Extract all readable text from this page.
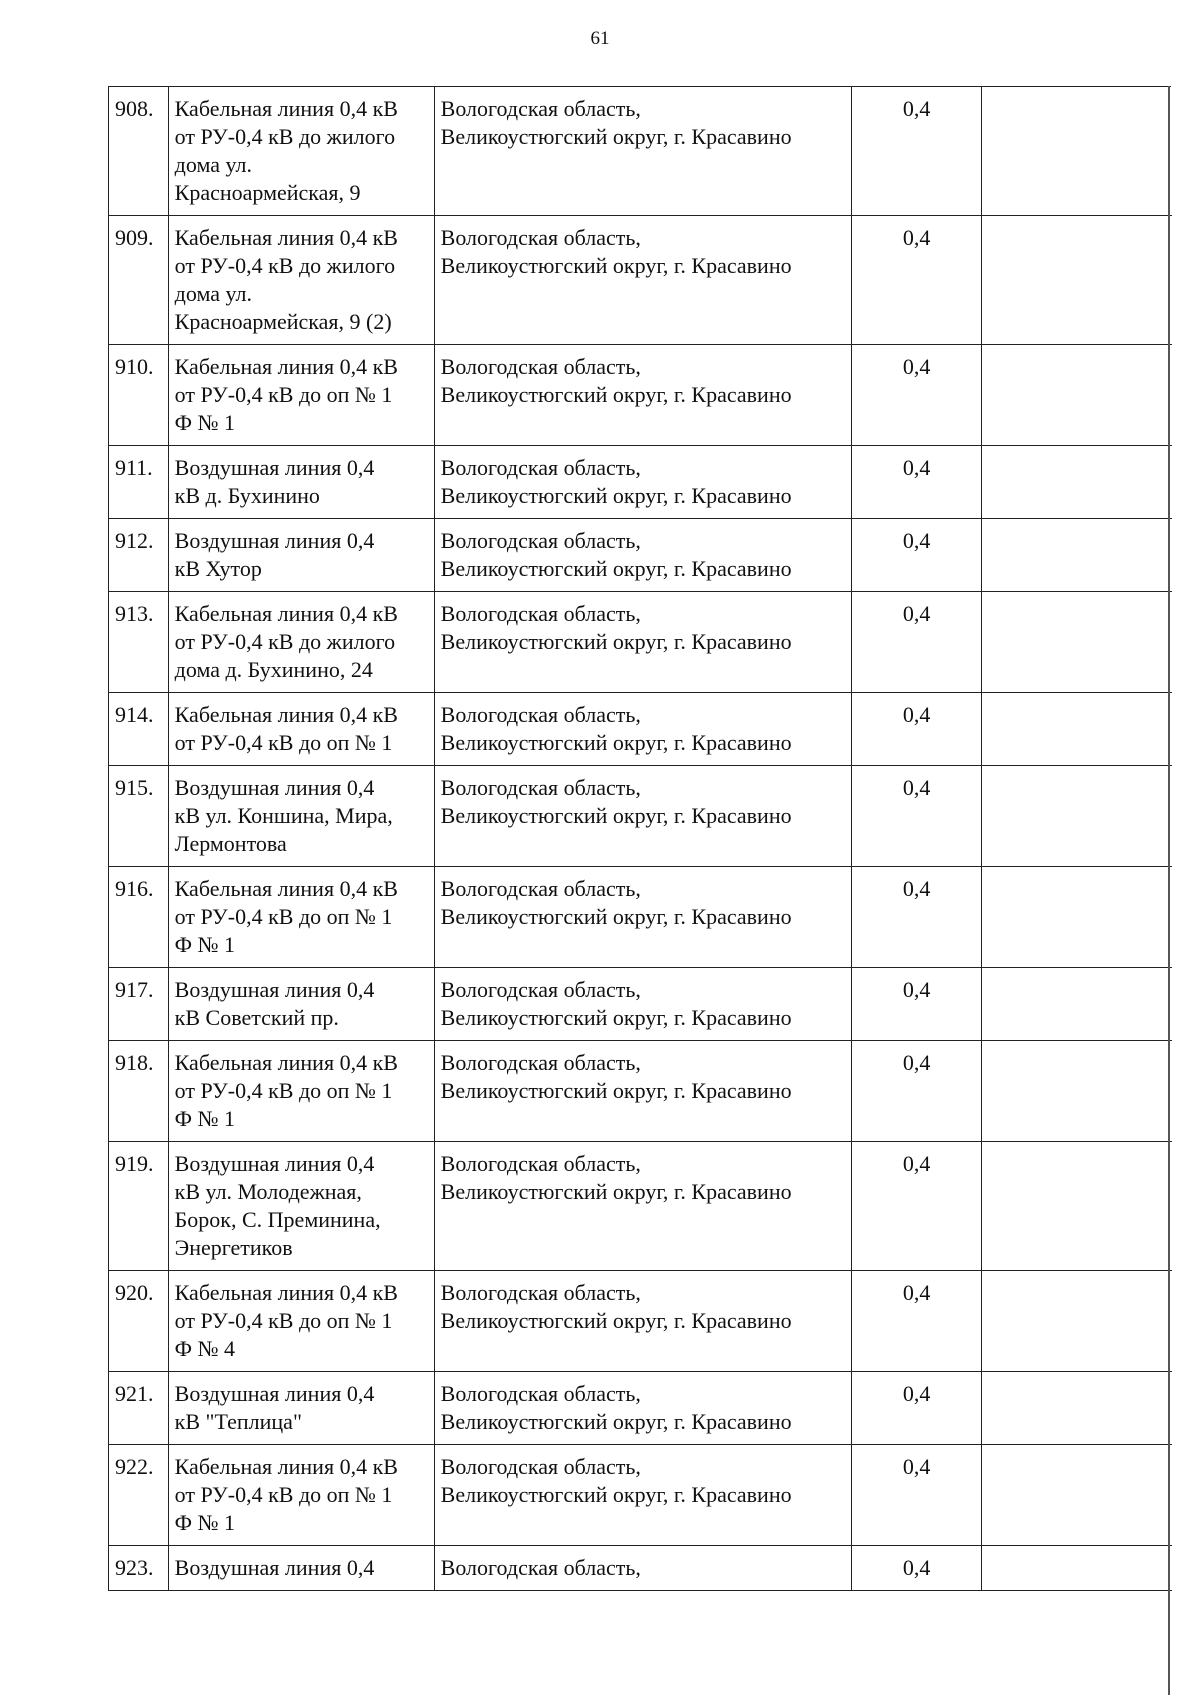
61
908.	Кабельная линия 0,4 кВ
от РУ-0,4 кВ до жилого
дома ул.
Красноармейская, 9	Вологодская область,
Великоустюгский округ, г. Красавино	0,4	
909.	Кабельная линия 0,4 кВ
от РУ-0,4 кВ до жилого
дома ул.
Красноармейская, 9 (2)	Вологодская область,
Великоустюгский округ, г. Красавино	0,4	
910.	Кабельная линия 0,4 кВ
от РУ-0,4 кВ до оп № 1
Ф № 1	Вологодская область,
Великоустюгский округ, г. Красавино	0,4	
911.	Воздушная линия 0,4
кВ д. Бухинино	Вологодская область,
Великоустюгский округ, г. Красавино	0,4	
912.	Воздушная линия 0,4
кВ Хутор	Вологодская область,
Великоустюгский округ, г. Красавино	0,4	
913.	Кабельная линия 0,4 кВ
от РУ-0,4 кВ до жилого
дома д. Бухинино, 24	Вологодская область,
Великоустюгский округ, г. Красавино	0,4	
914.	Кабельная линия 0,4 кВ
от РУ-0,4 кВ до оп № 1	Вологодская область,
Великоустюгский округ, г. Красавино	0,4	
915.	Воздушная линия 0,4
кВ ул. Коншина, Мира,
Лермонтова	Вологодская область,
Великоустюгский округ, г. Красавино	0,4	
916.	Кабельная линия 0,4 кВ
от РУ-0,4 кВ до оп № 1
Ф № 1	Вологодская область,
Великоустюгский округ, г. Красавино	0,4	
917.	Воздушная линия 0,4
кВ Советский пр.	Вологодская область,
Великоустюгский округ, г. Красавино	0,4	
918.	Кабельная линия 0,4 кВ
от РУ-0,4 кВ до оп № 1
Ф № 1	Вологодская область,
Великоустюгский округ, г. Красавино	0,4	
919.	Воздушная линия 0,4
кВ ул. Молодежная,
Борок, С. Преминина,
Энергетиков	Вологодская область,
Великоустюгский округ, г. Красавино	0,4	
920.	Кабельная линия 0,4 кВ
от РУ-0,4 кВ до оп № 1
Ф № 4	Вологодская область,
Великоустюгский округ, г. Красавино	0,4	
921.	Воздушная линия 0,4
кВ "Теплица"	Вологодская область,
Великоустюгский округ, г. Красавино	0,4	
922.	Кабельная линия 0,4 кВ
от РУ-0,4 кВ до оп № 1
Ф № 1	Вологодская область,
Великоустюгский округ, г. Красавино	0,4	
923.	Воздушная линия 0,4	Вологодская область,	0,4	
